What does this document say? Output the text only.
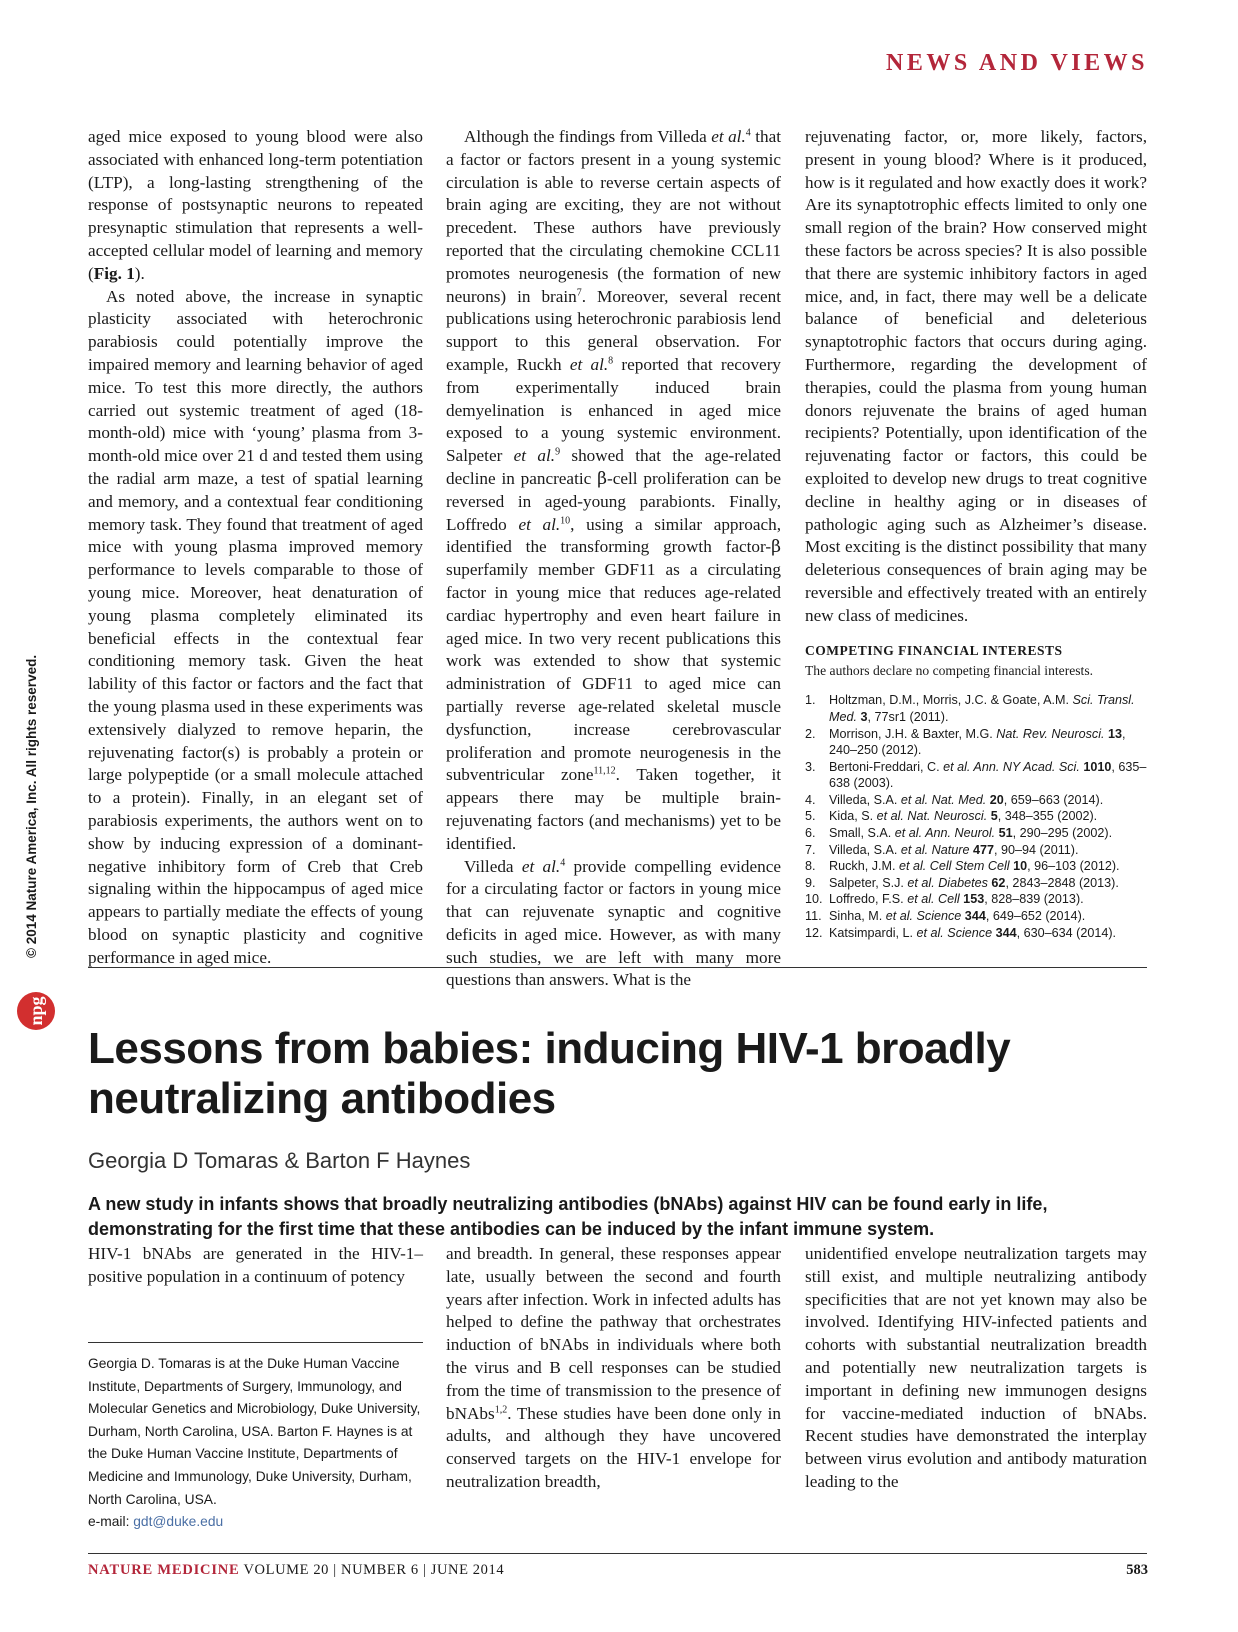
NEWS AND VIEWS
© 2014 Nature America, Inc. All rights reserved.
npg

aged mice exposed to young blood were also associated with enhanced long-term potentiation (LTP), a long-lasting strengthening of the response of postsynaptic neurons to repeated presynaptic stimulation that represents a well-accepted cellular model of learning and memory (Fig. 1).

As noted above, the increase in synaptic plasticity associated with heterochronic parabiosis could potentially improve the impaired memory and learning behavior of aged mice. To test this more directly, the authors carried out systemic treatment of aged (18-month-old) mice with ‘young’ plasma from 3-month-old mice over 21 d and tested them using the radial arm maze, a test of spatial learning and memory, and a contextual fear conditioning memory task. They found that treatment of aged mice with young plasma improved memory performance to levels comparable to those of young mice. Moreover, heat denaturation of young plasma completely eliminated its beneficial effects in the contextual fear conditioning memory task. Given the heat lability of this factor or factors and the fact that the young plasma used in these experiments was extensively dialyzed to remove heparin, the rejuvenating factor(s) is probably a protein or large polypeptide (or a small molecule attached to a protein). Finally, in an elegant set of parabiosis experiments, the authors went on to show by inducing expression of a dominant-negative inhibitory form of Creb that Creb signaling within the hippocampus of aged mice appears to partially mediate the effects of young blood on synaptic plasticity and cognitive performance in aged mice.

Although the findings from Villeda et al.$^4$ that a factor or factors present in a young systemic circulation is able to reverse certain aspects of brain aging are exciting, they are not without precedent. These authors have previously reported that the circulating chemokine CCL11 promotes neurogenesis (the formation of new neurons) in brain$^7$. Moreover, several recent publications using heterochronic parabiosis lend support to this general observation. For example, Ruckh et al.$^8$ reported that recovery from experimentally induced brain demyelination is enhanced in aged mice exposed to a young systemic environment. Salpeter et al.$^9$ showed that the age-related decline in pancreatic β-cell proliferation can be reversed in aged-young parabionts. Finally, Loffredo et al.$^{10}$, using a similar approach, identified the transforming growth factor-β superfamily member GDF11 as a circulating factor in young mice that reduces age-related cardiac hypertrophy and even heart failure in aged mice. In two very recent publications this work was extended to show that systemic administration of GDF11 to aged mice can partially reverse age-related skeletal muscle dysfunction, increase cerebrovascular proliferation and promote neurogenesis in the subventricular zone$^{11,12}$. Taken together, it appears there may be multiple brain-rejuvenating factors (and mechanisms) yet to be identified.

Villeda et al.$^4$ provide compelling evidence for a circulating factor or factors in young mice that can rejuvenate synaptic and cognitive deficits in aged mice. However, as with many such studies, we are left with many more questions than answers. What is the

rejuvenating factor, or, more likely, factors, present in young blood? Where is it produced, how is it regulated and how exactly does it work? Are its synaptotrophic effects limited to only one small region of the brain? How conserved might these factors be across species? It is also possible that there are systemic inhibitory factors in aged mice, and, in fact, there may well be a delicate balance of beneficial and deleterious synaptotrophic factors that occurs during aging. Furthermore, regarding the development of therapies, could the plasma from young human donors rejuvenate the brains of aged human recipients? Potentially, upon identification of the rejuvenating factor or factors, this could be exploited to develop new drugs to treat cognitive decline in healthy aging or in diseases of pathologic aging such as Alzheimer’s disease. Most exciting is the distinct possibility that many deleterious consequences of brain aging may be reversible and effectively treated with an entirely new class of medicines.

COMPETING FINANCIAL INTERESTS
The authors declare no competing financial interests.
1.	Holtzman, D.M., Morris, J.C. & Goate, A.M. Sci. Transl. Med. 3, 77sr1 (2011).
2.	Morrison, J.H. & Baxter, M.G. Nat. Rev. Neurosci. 13, 240–250 (2012).
3.	Bertoni-Freddari, C. et al. Ann. NY Acad. Sci. 1010, 635–638 (2003).
4.	Villeda, S.A. et al. Nat. Med. 20, 659–663 (2014).
5.	Kida, S. et al. Nat. Neurosci. 5, 348–355 (2002).
6.	Small, S.A. et al. Ann. Neurol. 51, 290–295 (2002).
7.	Villeda, S.A. et al. Nature 477, 90–94 (2011).
8.	Ruckh, J.M. et al. Cell Stem Cell 10, 96–103 (2012).
9.	Salpeter, S.J. et al. Diabetes 62, 2843–2848 (2013).
10. Loffredo, F.S. et al. Cell 153, 828–839 (2013).
11. Sinha, M. et al. Science 344, 649–652 (2014).
12. Katsimpardi, L. et al. Science 344, 630–634 (2014).
Lessons from babies: inducing HIV-1 broadly neutralizing antibodies
Georgia D Tomaras & Barton F Haynes
A new study in infants shows that broadly neutralizing antibodies (bNAbs) against HIV can be found early in life, demonstrating for the first time that these antibodies can be induced by the infant immune system.

HIV-1 bNAbs are generated in the HIV-1–positive population in a continuum of potency

Georgia D. Tomaras is at the Duke Human Vaccine Institute, Departments of Surgery, Immunology, and Molecular Genetics and Microbiology, Duke University, Durham, North Carolina, USA. Barton F. Haynes is at the Duke Human Vaccine Institute, Departments of Medicine and Immunology, Duke University, Durham, North Carolina, USA.
e-mail: gdt@duke.edu

and breadth. In general, these responses appear late, usually between the second and fourth years after infection. Work in infected adults has helped to define the pathway that orchestrates induction of bNAbs in individuals where both the virus and B cell responses can be studied from the time of transmission to the presence of bNAbs$^{1,2}$. These studies have been done only in adults, and although they have uncovered conserved targets on the HIV-1 envelope for neutralization breadth,

unidentified envelope neutralization targets may still exist, and multiple neutralizing antibody specificities that are not yet known may also be involved. Identifying HIV-infected patients and cohorts with substantial neutralization breadth and potentially new neutralization targets is important in defining new immunogen designs for vaccine-mediated induction of bNAbs. Recent studies have demonstrated the interplay between virus evolution and antibody maturation leading to the

NATURE MEDICINE VOLUME 20 | NUMBER 6 | JUNE 2014	583
